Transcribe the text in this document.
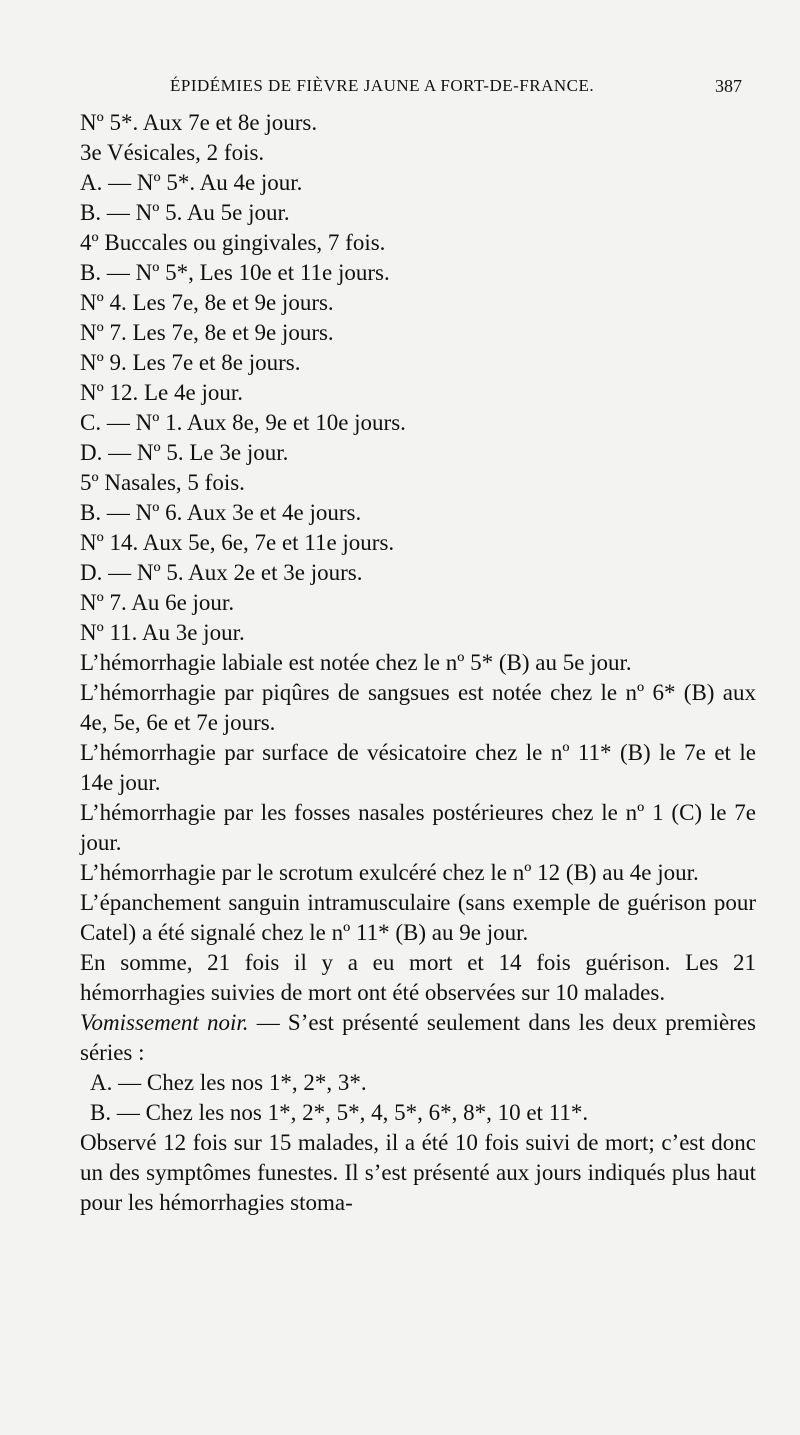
ÉPIDÉMIES DE FIÈVRE JAUNE A FORT-DE-FRANCE.	387
Nº 5*. Aux 7e et 8e jours.
3e Vésicales, 2 fois.
A. — Nº 5*. Au 4e jour.
B. — Nº 5. Au 5e jour.
4º Buccales ou gingivales, 7 fois.
B. — Nº 5*, Les 10e et 11e jours.
Nº 4. Les 7e, 8e et 9e jours.
Nº 7. Les 7e, 8e et 9e jours.
Nº 9. Les 7e et 8e jours.
Nº 12. Le 4e jour.
C. — Nº 1. Aux 8e, 9e et 10e jours.
D. — Nº 5. Le 3e jour.
5º Nasales, 5 fois.
B. — Nº 6. Aux 3e et 4e jours.
Nº 14. Aux 5e, 6e, 7e et 11e jours.
D. — Nº 5. Aux 2e et 3e jours.
Nº 7. Au 6e jour.
Nº 11. Au 3e jour.

L’hémorrhagie labiale est notée chez le nº 5* (B) au 5e jour.

L’hémorrhagie par piqûres de sangsues est notée chez le nº 6* (B) aux 4e, 5e, 6e et 7e jours.

L’hémorrhagie par surface de vésicatoire chez le nº 11* (B) le 7e et le 14e jour.

L’hémorrhagie par les fosses nasales postérieures chez le nº 1 (C) le 7e jour.

L’hémorrhagie par le scrotum exulcéré chez le nº 12 (B) au 4e jour.

L’épanchement sanguin intramusculaire (sans exemple de guérison pour Catel) a été signalé chez le nº 11* (B) au 9e jour.

En somme, 21 fois il y a eu mort et 14 fois guérison. Les 21 hémorrhagies suivies de mort ont été observées sur 10 malades.

Vomissement noir. — S’est présenté seulement dans les deux premières séries :

A. — Chez les nos 1*, 2*, 3*.
B. — Chez les nos 1*, 2*, 5*, 4, 5*, 6*, 8*, 10 et 11*.

Observé 12 fois sur 15 malades, il a été 10 fois suivi de mort; c’est donc un des symptômes funestes. Il s’est présenté aux jours indiqués plus haut pour les hémorrhagies stoma-
